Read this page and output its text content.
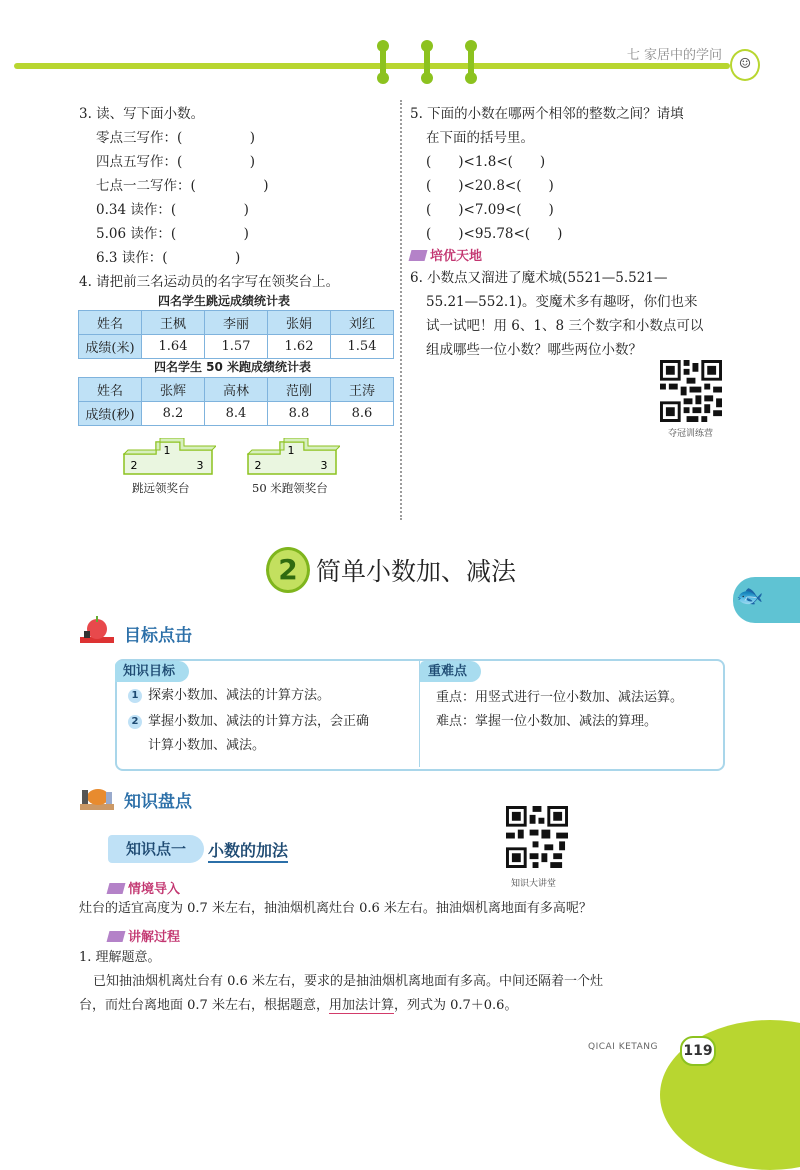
七 家居中的学问
☺
3. 读、写下面小数。
零点三写作：(　　　　　)
四点五写作：(　　　　　)
七点一二写作：(　　　　　)
0.34 读作：(　　　　　)
5.06 读作：(　　　　　)
6.3 读作：(　　　　　)
4. 请把前三名运动员的名字写在领奖台上。
四名学生跳远成绩统计表
姓名	王枫	李丽	张娟	刘红
成绩(米)	1.64	1.57	1.62	1.54
四名学生 50 米跑成绩统计表
姓名	张辉	高林	范刚	王涛
成绩(秒)	8.2	8.4	8.8	8.6
1
2	3
跳远领奖台
1
2	3
50 米跑领奖台
5. 下面的小数在哪两个相邻的整数之间？请填
在下面的括号里。
(　　)<1.8<(　　)
(　　)<20.8<(　　)
(　　)<7.09<(　　)
(　　)<95.78<(　　)
培优天地
6. 小数点又溜进了魔术城(5521—5.521—
55.21—552.1)。变魔术多有趣呀，你们也来
试一试吧！用 6、1、8 三个数字和小数点可以
组成哪些一位小数？哪些两位小数？
夺冠训练营
2 简单小数加、减法
🐟
目标点击
知识目标	重难点
1 探索小数加、减法的计算方法。
2 掌握小数加、减法的计算方法，会正确
计算小数加、减法。
重点：用竖式进行一位小数加、减法运算。
难点：掌握一位小数加、减法的算理。
知识盘点
知识点一	小数的加法
知识大讲堂
情境导入
灶台的适宜高度为 0.7 米左右，抽油烟机离灶台 0.6 米左右。抽油烟机离地面有多高呢？
讲解过程
1. 理解题意。
已知抽油烟机离灶台有 0.6 米左右，要求的是抽油烟机离地面有多高。中间还隔着一个灶
台，而灶台离地面 0.7 米左右，根据题意，用加法计算，列式为 0.7＋0.6。
QICAI KETANG 119
